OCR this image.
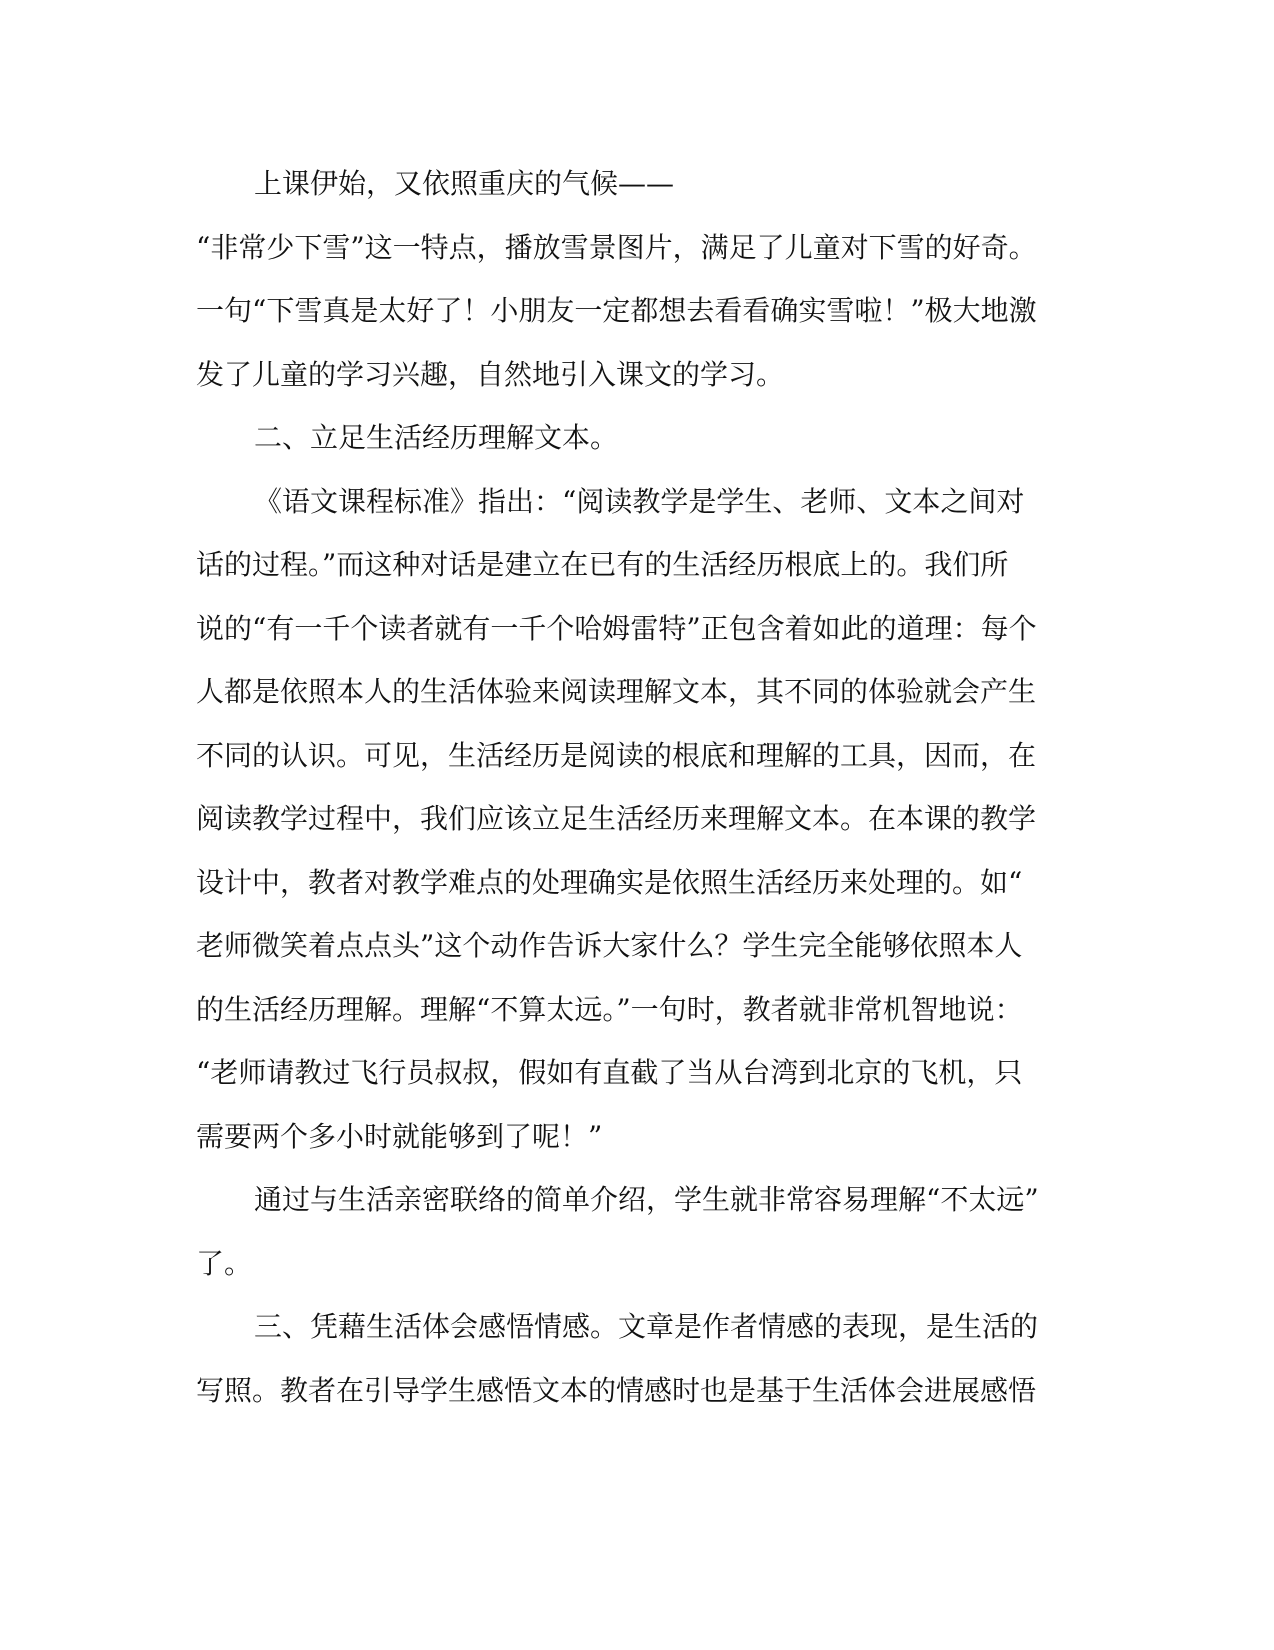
上课伊始，又依照重庆的气候——
“非常少下雪”这一特点，播放雪景图片，满足了儿童对下雪的好奇。
一句“下雪真是太好了！小朋友一定都想去看看确实雪啦！”极大地激
发了儿童的学习兴趣，自然地引入课文的学习。
二、立足生活经历理解文本。
《语文课程标准》指出：“阅读教学是学生、老师、文本之间对
话的过程。”而这种对话是建立在已有的生活经历根底上的。我们所
说的“有一千个读者就有一千个哈姆雷特”正包含着如此的道理：每个
人都是依照本人的生活体验来阅读理解文本，其不同的体验就会产生
不同的认识。可见，生活经历是阅读的根底和理解的工具，因而，在
阅读教学过程中，我们应该立足生活经历来理解文本。在本课的教学
设计中，教者对教学难点的处理确实是依照生活经历来处理的。如“
老师微笑着点点头”这个动作告诉大家什么？学生完全能够依照本人
的生活经历理解。理解“不算太远。”一句时，教者就非常机智地说：
“老师请教过飞行员叔叔，假如有直截了当从台湾到北京的飞机，只
需要两个多小时就能够到了呢！”
通过与生活亲密联络的简单介绍，学生就非常容易理解“不太远”
了。
三、凭藉生活体会感悟情感。文章是作者情感的表现，是生活的
写照。教者在引导学生感悟文本的情感时也是基于生活体会进展感悟
